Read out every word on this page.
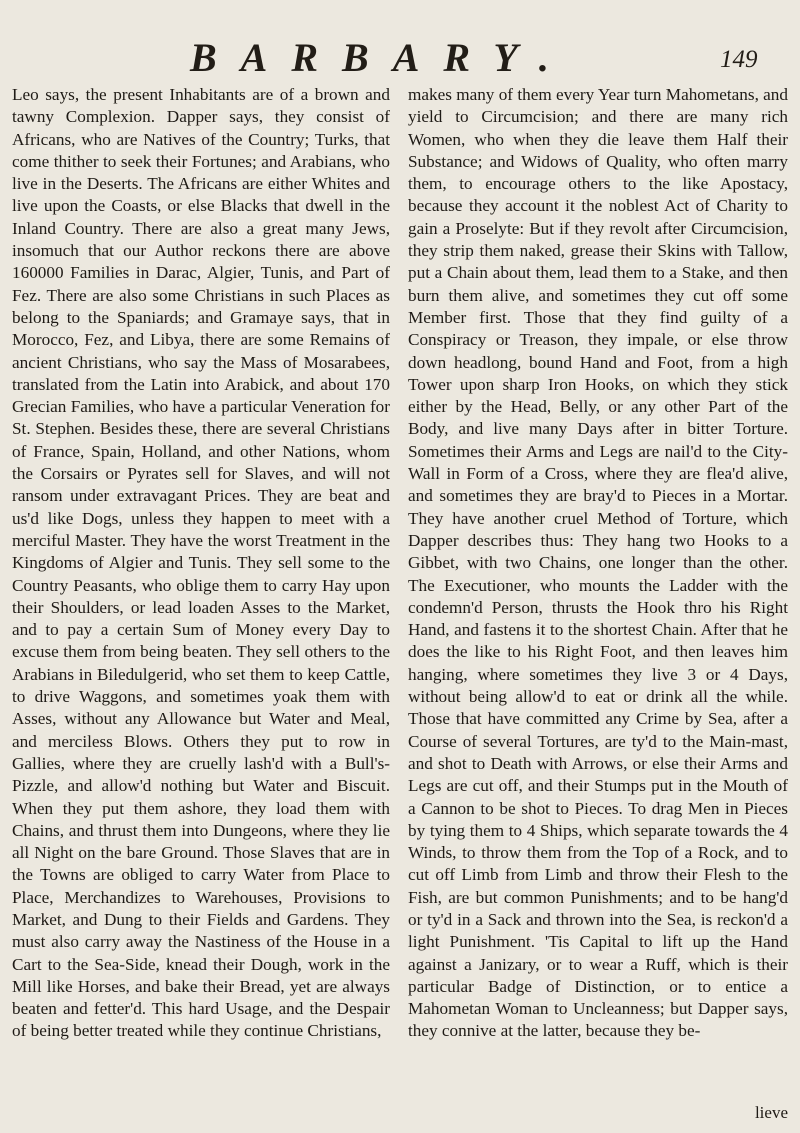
BARBARY.	149

Leo says, the present Inhabitants are of a brown and tawny Complexion. Dapper says, they consist of Africans, who are Natives of the Country; Turks, that come thither to seek their Fortunes; and Arabians, who live in the Deserts. The Africans are either Whites and live upon the Coasts, or else Blacks that dwell in the Inland Country. There are also a great many Jews, insomuch that our Author reckons there are above 160000 Families in Darac, Algier, Tunis, and Part of Fez. There are also some Christians in such Places as belong to the Spaniards; and Gramaye says, that in Morocco, Fez, and Libya, there are some Remains of ancient Christians, who say the Mass of Mosarabees, translated from the Latin into Arabick, and about 170 Grecian Families, who have a particular Veneration for St. Stephen. Besides these, there are several Christians of France, Spain, Holland, and other Nations, whom the Corsairs or Pyrates sell for Slaves, and will not ransom under extravagant Prices. They are beat and us'd like Dogs, unless they happen to meet with a merciful Master. They have the worst Treatment in the Kingdoms of Algier and Tunis. They sell some to the Country Peasants, who oblige them to carry Hay upon their Shoulders, or lead loaden Asses to the Market, and to pay a certain Sum of Money every Day to excuse them from being beaten. They sell others to the Arabians in Biledulgerid, who set them to keep Cattle, to drive Waggons, and sometimes yoak them with Asses, without any Allowance but Water and Meal, and merciless Blows. Others they put to row in Gallies, where they are cruelly lash'd with a Bull's-Pizzle, and allow'd nothing but Water and Biscuit. When they put them ashore, they load them with Chains, and thrust them into Dungeons, where they lie all Night on the bare Ground. Those Slaves that are in the Towns are obliged to carry Water from Place to Place, Merchandizes to Warehouses, Provisions to Market, and Dung to their Fields and Gardens. They must also carry away the Nastiness of the House in a Cart to the Sea-Side, knead their Dough, work in the Mill like Horses, and bake their Bread, yet are always beaten and fetter'd. This hard Usage, and the Despair of being better treated while they continue Christians,

makes many of them every Year turn Mahometans, and yield to Circumcision; and there are many rich Women, who when they die leave them Half their Substance; and Widows of Quality, who often marry them, to encourage others to the like Apostacy, because they account it the noblest Act of Charity to gain a Proselyte: But if they revolt after Circumcision, they strip them naked, grease their Skins with Tallow, put a Chain about them, lead them to a Stake, and then burn them alive, and sometimes they cut off some Member first. Those that they find guilty of a Conspiracy or Treason, they impale, or else throw down headlong, bound Hand and Foot, from a high Tower upon sharp Iron Hooks, on which they stick either by the Head, Belly, or any other Part of the Body, and live many Days after in bitter Torture. Sometimes their Arms and Legs are nail'd to the City-Wall in Form of a Cross, where they are flea'd alive, and sometimes they are bray'd to Pieces in a Mortar. They have another cruel Method of Torture, which Dapper describes thus: They hang two Hooks to a Gibbet, with two Chains, one longer than the other. The Executioner, who mounts the Ladder with the condemn'd Person, thrusts the Hook thro his Right Hand, and fastens it to the shortest Chain. After that he does the like to his Right Foot, and then leaves him hanging, where sometimes they live 3 or 4 Days, without being allow'd to eat or drink all the while. Those that have committed any Crime by Sea, after a Course of several Tortures, are ty'd to the Main-mast, and shot to Death with Arrows, or else their Arms and Legs are cut off, and their Stumps put in the Mouth of a Cannon to be shot to Pieces. To drag Men in Pieces by tying them to 4 Ships, which separate towards the 4 Winds, to throw them from the Top of a Rock, and to cut off Limb from Limb and throw their Flesh to the Fish, are but common Punishments; and to be hang'd or ty'd in a Sack and thrown into the Sea, is reckon'd a light Punishment. 'Tis Capital to lift up the Hand against a Janizary, or to wear a Ruff, which is their particular Badge of Distinction, or to entice a Mahometan Woman to Uncleanness; but Dapper says, they connive at the latter, because they be-

lieve
